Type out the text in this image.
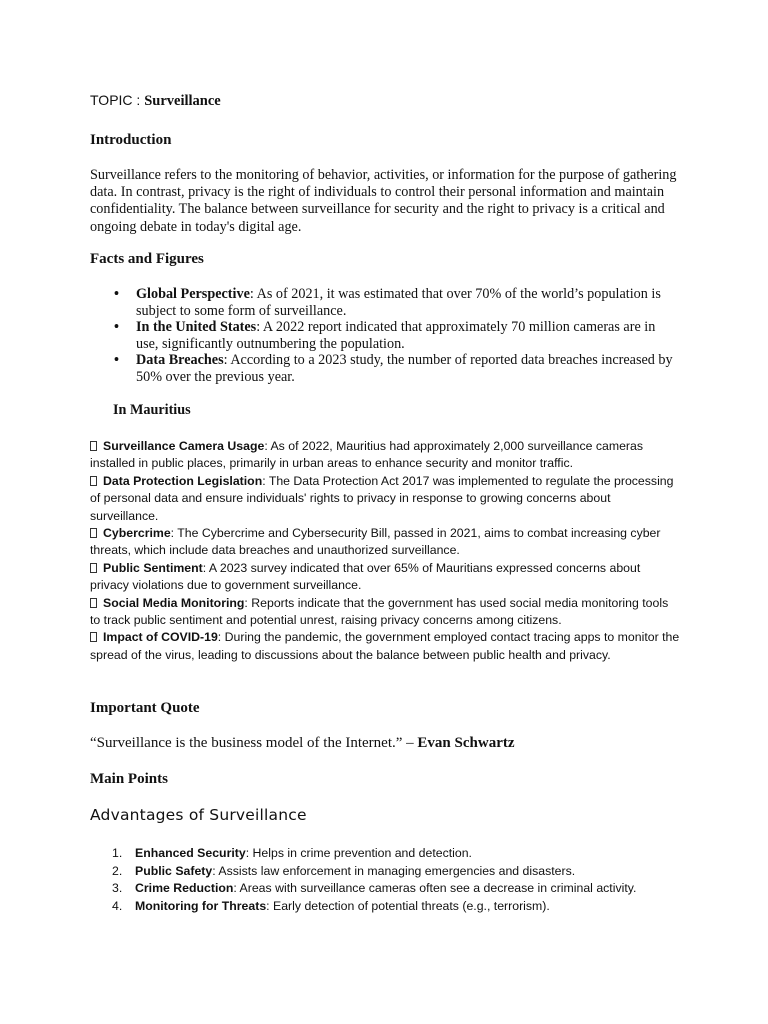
TOPIC : Surveillance
Introduction

Surveillance refers to the monitoring of behavior, activities, or information for the purpose of gathering data. In contrast, privacy is the right of individuals to control their personal information and maintain confidentiality. The balance between surveillance for security and the right to privacy is a critical and ongoing debate in today's digital age.

Facts and Figures
• Global Perspective: As of 2021, it was estimated that over 70% of the world’s population is subject to some form of surveillance.
• In the United States: A 2022 report indicated that approximately 70 million cameras are in use, significantly outnumbering the population.
• Data Breaches: According to a 2023 study, the number of reported data breaches increased by 50% over the previous year.
In Mauritius

Surveillance Camera Usage: As of 2022, Mauritius had approximately 2,000 surveillance cameras installed in public places, primarily in urban areas to enhance security and monitor traffic.

Data Protection Legislation: The Data Protection Act 2017 was implemented to regulate the processing of personal data and ensure individuals' rights to privacy in response to growing concerns about surveillance.

Cybercrime: The Cybercrime and Cybersecurity Bill, passed in 2021, aims to combat increasing cyber threats, which include data breaches and unauthorized surveillance.

Public Sentiment: A 2023 survey indicated that over 65% of Mauritians expressed concerns about privacy violations due to government surveillance.

Social Media Monitoring: Reports indicate that the government has used social media monitoring tools to track public sentiment and potential unrest, raising privacy concerns among citizens.

Impact of COVID-19: During the pandemic, the government employed contact tracing apps to monitor the spread of the virus, leading to discussions about the balance between public health and privacy.

Important Quote
“Surveillance is the business model of the Internet.” – Evan Schwartz
Main Points
Advantages of Surveillance
1. Enhanced Security: Helps in crime prevention and detection.
2. Public Safety: Assists law enforcement in managing emergencies and disasters.
3. Crime Reduction: Areas with surveillance cameras often see a decrease in criminal activity.
4. Monitoring for Threats: Early detection of potential threats (e.g., terrorism).
